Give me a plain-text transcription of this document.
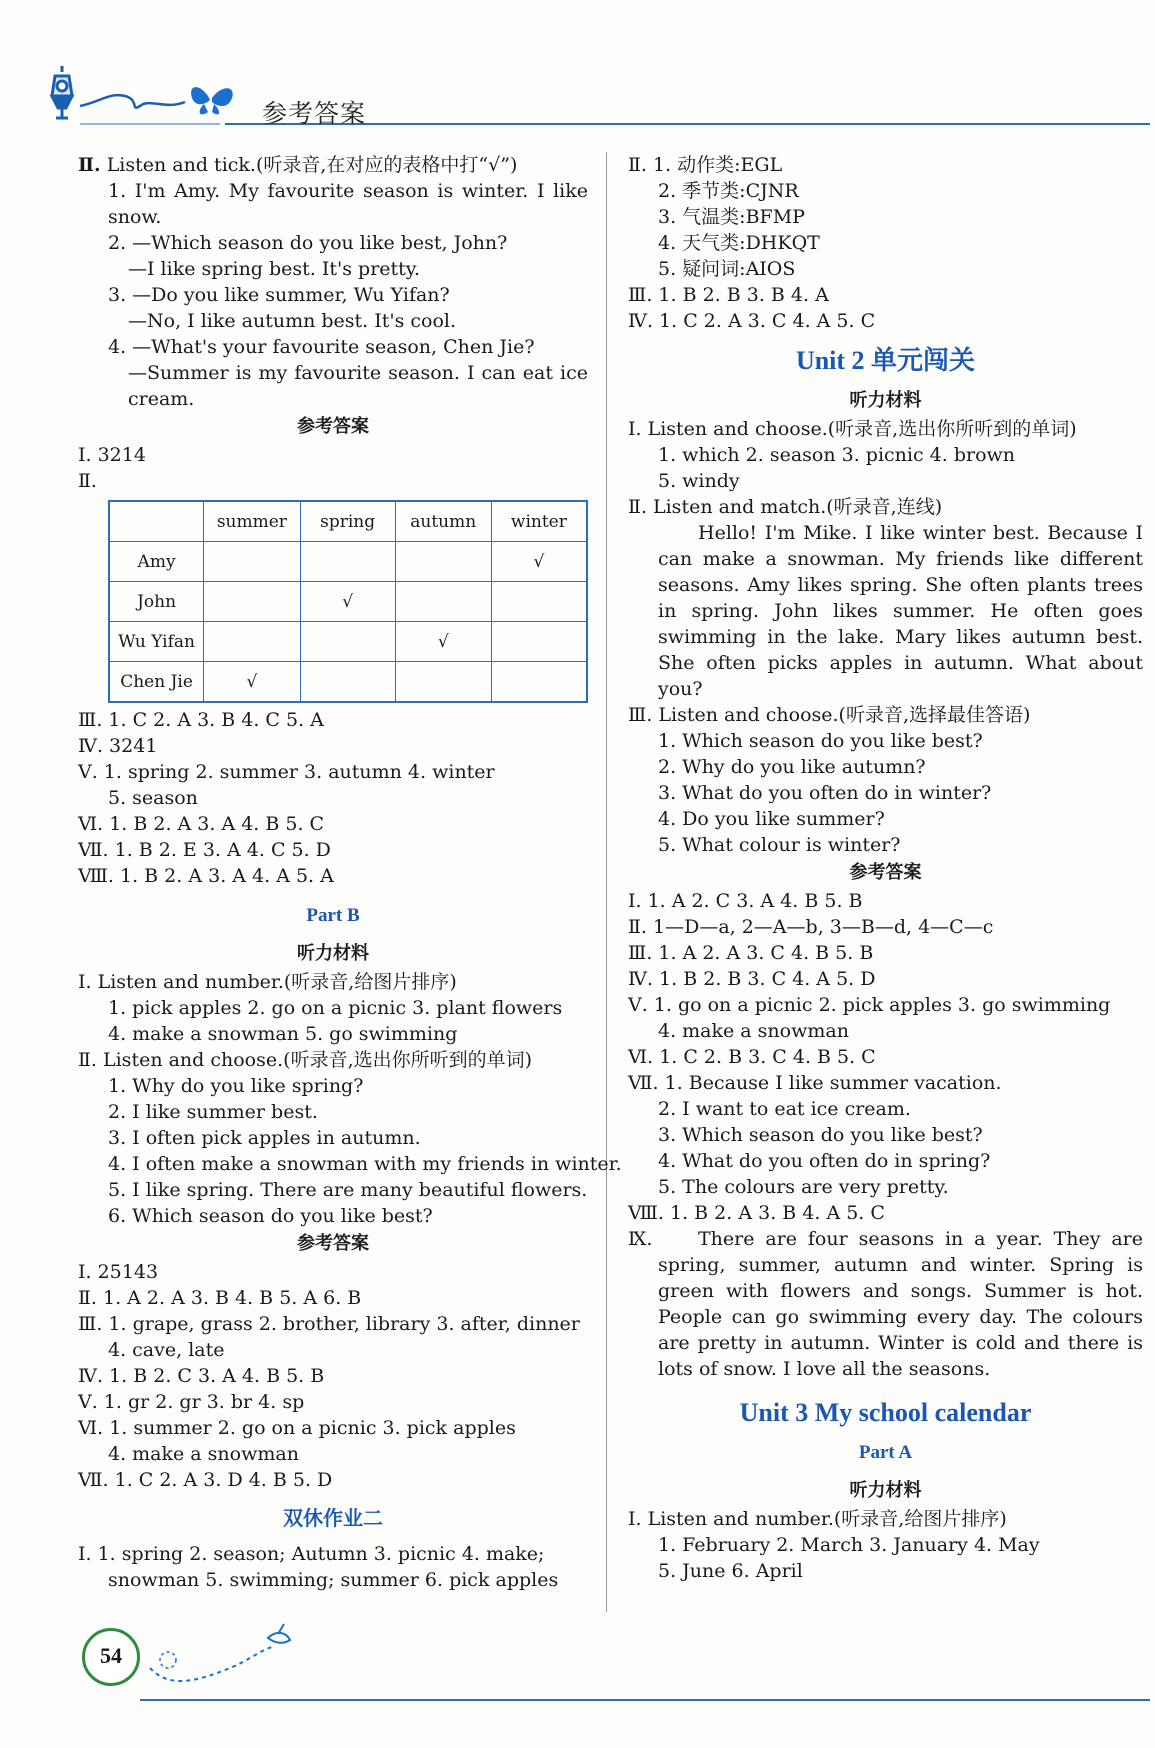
参考答案
Ⅱ. Listen and tick.(听录音,在对应的表格中打“√”)
1. I'm Amy. My favourite season is winter. I like snow.
2. —Which season do you like best, John?
—I like spring best. It's pretty.
3. —Do you like summer, Wu Yifan?
—No, I like autumn best. It's cool.
4. —What's your favourite season, Chen Jie?
—Summer is my favourite season. I can eat ice cream.
参考答案
Ⅰ. 3214
Ⅱ.
	summer	spring	autumn	winter
Amy				√
John		√		
Wu Yifan			√	
Chen Jie	√			
Ⅲ. 1. C 2. A 3. B 4. C 5. A
Ⅳ. 3241
Ⅴ. 1. spring 2. summer 3. autumn 4. winter
5. season
Ⅵ. 1. B 2. A 3. A 4. B 5. C
Ⅶ. 1. B 2. E 3. A 4. C 5. D
Ⅷ. 1. B 2. A 3. A 4. A 5. A
Part B
听力材料
Ⅰ. Listen and number.(听录音,给图片排序)
1. pick apples 2. go on a picnic 3. plant flowers
4. make a snowman 5. go swimming
Ⅱ. Listen and choose.(听录音,选出你所听到的单词)
1. Why do you like spring?
2. I like summer best.
3. I often pick apples in autumn.
4. I often make a snowman with my friends in winter.
5. I like spring. There are many beautiful flowers.
6. Which season do you like best?
参考答案
Ⅰ. 25143
Ⅱ. 1. A 2. A 3. B 4. B 5. A 6. B
Ⅲ. 1. grape, grass 2. brother, library 3. after, dinner
4. cave, late
Ⅳ. 1. B 2. C 3. A 4. B 5. B
Ⅴ. 1. gr 2. gr 3. br 4. sp
Ⅵ. 1. summer 2. go on a picnic 3. pick apples
4. make a snowman
Ⅶ. 1. C 2. A 3. D 4. B 5. D
双休作业二
Ⅰ. 1. spring 2. season; Autumn 3. picnic 4. make;
snowman 5. swimming; summer 6. pick apples
Ⅱ. 1. 动作类:EGL
2. 季节类:CJNR
3. 气温类:BFMP
4. 天气类:DHKQT
5. 疑问词:AIOS
Ⅲ. 1. B 2. B 3. B 4. A
Ⅳ. 1. C 2. A 3. C 4. A 5. C
Unit 2 单元闯关
听力材料
Ⅰ. Listen and choose.(听录音,选出你所听到的单词)
1. which 2. season 3. picnic 4. brown
5. windy
Ⅱ. Listen and match.(听录音,连线)
Hello! I'm Mike. I like winter best. Because I can make a snowman. My friends like different seasons. Amy likes spring. She often plants trees in spring. John likes summer. He often goes swimming in the lake. Mary likes autumn best. She often picks apples in autumn. What about you?
Ⅲ. Listen and choose.(听录音,选择最佳答语)
1. Which season do you like best?
2. Why do you like autumn?
3. What do you often do in winter?
4. Do you like summer?
5. What colour is winter?
参考答案
Ⅰ. 1. A 2. C 3. A 4. B 5. B
Ⅱ. 1—D—a, 2—A—b, 3—B—d, 4—C—c
Ⅲ. 1. A 2. A 3. C 4. B 5. B
Ⅳ. 1. B 2. B 3. C 4. A 5. D
Ⅴ. 1. go on a picnic 2. pick apples 3. go swimming
4. make a snowman
Ⅵ. 1. C 2. B 3. C 4. B 5. C
Ⅶ. 1. Because I like summer vacation.
2. I want to eat ice cream.
3. Which season do you like best?
4. What do you often do in spring?
5. The colours are very pretty.
Ⅷ. 1. B 2. A 3. B 4. A 5. C
Ⅸ.	There are four seasons in a year. They are spring, summer, autumn and winter. Spring is green with flowers and songs. Summer is hot. People can go swimming every day. The colours are pretty in autumn. Winter is cold and there is lots of snow. I love all the seasons.
Unit 3 My school calendar
Part A
听力材料
Ⅰ. Listen and number.(听录音,给图片排序)
1. February 2. March 3. January 4. May
5. June 6. April
54
